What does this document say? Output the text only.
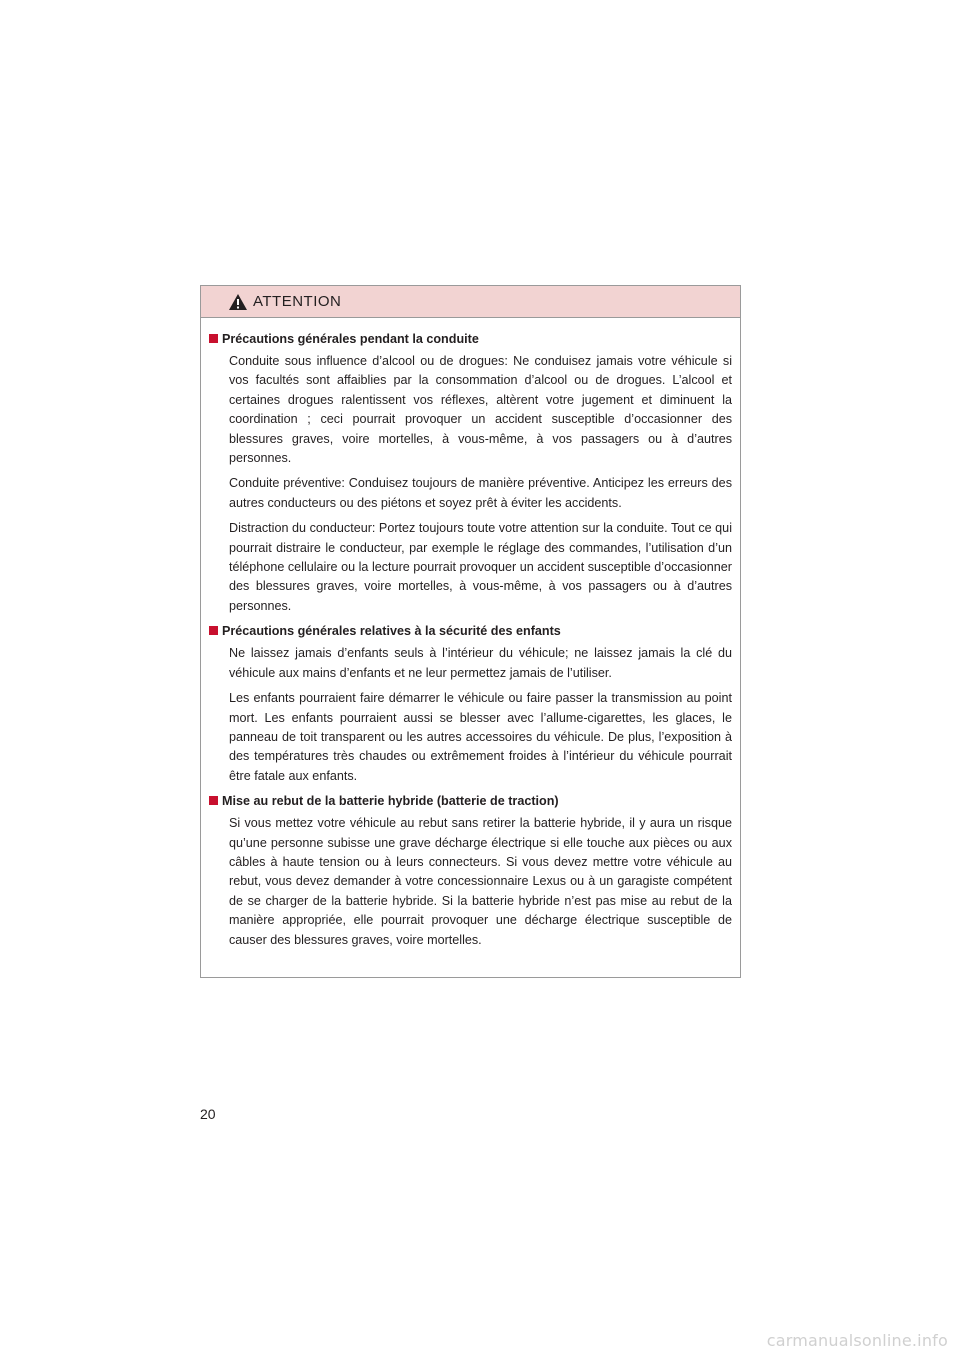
ATTENTION
Précautions générales pendant la conduite

Conduite sous influence d’alcool ou de drogues: Ne conduisez jamais votre véhicule si vos facultés sont affaiblies par la consommation d’alcool ou de drogues. L’alcool et certaines drogues ralentissent vos réflexes, altèrent votre jugement et diminuent la coordination ; ceci pourrait provoquer un accident susceptible d’occasionner des blessures graves, voire mortelles, à vous-même, à vos passagers ou à d’autres personnes.

Conduite préventive: Conduisez toujours de manière préventive. Anticipez les erreurs des autres conducteurs ou des piétons et soyez prêt à éviter les accidents.

Distraction du conducteur: Portez toujours toute votre attention sur la conduite. Tout ce qui pourrait distraire le conducteur, par exemple le réglage des commandes, l’utilisation d’un téléphone cellulaire ou la lecture pourrait provoquer un accident susceptible d’occasionner des blessures graves, voire mortelles, à vous-même, à vos passagers ou à d’autres personnes.

Précautions générales relatives à la sécurité des enfants

Ne laissez jamais d’enfants seuls à l’intérieur du véhicule; ne laissez jamais la clé du véhicule aux mains d’enfants et ne leur permettez jamais de l’utiliser.

Les enfants pourraient faire démarrer le véhicule ou faire passer la transmission au point mort. Les enfants pourraient aussi se blesser avec l’allume-cigarettes, les glaces, le panneau de toit transparent ou les autres accessoires du véhicule. De plus, l’exposition à des températures très chaudes ou extrêmement froides à l’intérieur du véhicule pourrait être fatale aux enfants.

Mise au rebut de la batterie hybride (batterie de traction)

Si vous mettez votre véhicule au rebut sans retirer la batterie hybride, il y aura un risque qu’une personne subisse une grave décharge électrique si elle touche aux pièces ou aux câbles à haute tension ou à leurs connecteurs. Si vous devez mettre votre véhicule au rebut, vous devez demander à votre concessionnaire Lexus ou à un garagiste compétent de se charger de la batterie hybride. Si la batterie hybride n’est pas mise au rebut de la manière appropriée, elle pourrait provoquer une décharge électrique susceptible de causer des blessures graves, voire mortelles.

20
carmanualsonline.info
